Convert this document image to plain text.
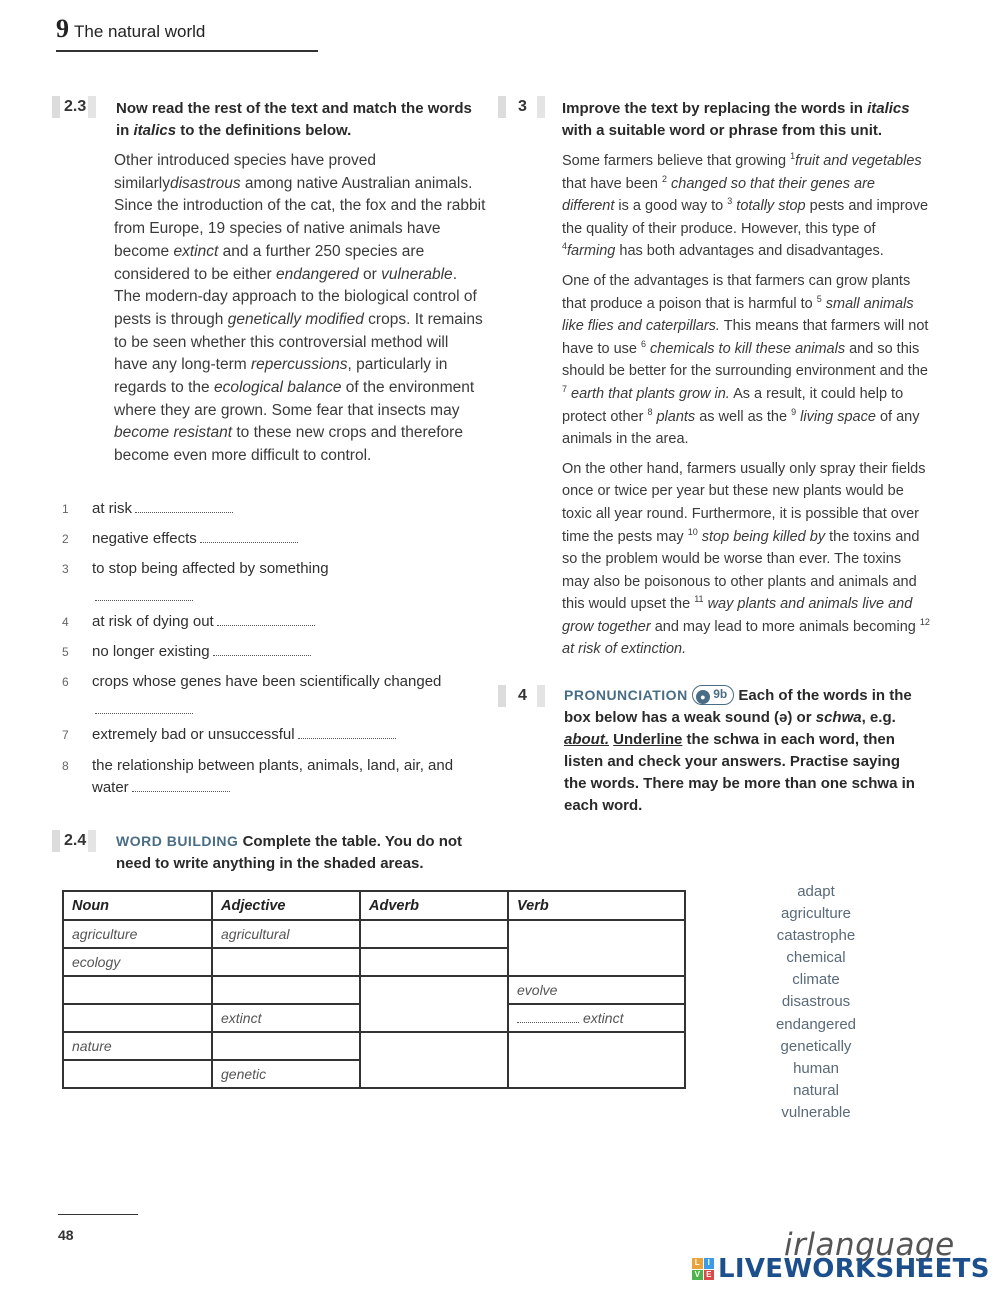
9 The natural world
2.3	Now read the rest of the text and match the words in italics to the definitions below.
Other introduced species have proved similarlydisastrous among native Australian animals. Since the introduction of the cat, the fox and the rabbit from Europe, 19 species of native animals have become extinct and a further 250 species are considered to be either endangered or vulnerable. The modern-day approach to the biological control of pests is through genetically modified crops. It remains to be seen whether this controversial method will have any long-term repercussions, particularly in regards to the ecological balance of the environment where they are grown. Some fear that insects may become resistant to these new crops and therefore become even more difficult to control.
1 at risk
2 negative effects
3 to stop being affected by something
4 at risk of dying out
5 no longer existing
6 crops whose genes have been scientifically changed
7 extremely bad or unsuccessful
8 the relationship between plants, animals, land, air, and
water
2.4	WORD BUILDING Complete the table. You do not need to write anything in the shaded areas.
Noun	Adjective	Adverb	Verb
agriculture	agricultural		
ecology			
			evolve
	extinct		extinct
nature			
	genetic		
3	Improve the text by replacing the words in italics with a suitable word or phrase from this unit.

Some farmers believe that growing $^1$fruit and vegetables that have been $^2$ changed so that their genes are different is a good way to $^3$ totally stop pests and improve the quality of their produce. However, this type of $^4$farming has both advantages and disadvantages.

One of the advantages is that farmers can grow plants that produce a poison that is harmful to $^5$ small animals like flies and caterpillars. This means that farmers will not have to use $^6$ chemicals to kill these animals and so this should be better for the surrounding environment and the $^7$ earth that plants grow in. As a result, it could help to protect other $^8$ plants as well as the $^9$ living space of any animals in the area.

On the other hand, farmers usually only spray their fields once or twice per year but these new plants would be toxic all year round. Furthermore, it is possible that over time the pests may $^{10}$ stop being killed by the toxins and so the problem would be worse than ever. The toxins may also be poisonous to other plants and animals and this would upset the $^{11}$ way plants and animals live and grow together and may lead to more animals becoming $^{12}$ at risk of extinction.

4	PRONUNCIATION ● 9b Each of the words in the box below has a weak sound (ə) or schwa, e.g. about. Underline the schwa in each word, then listen and check your answers. Practise saying the words. There may be more than one schwa in each word.
adapt
agriculture
catastrophe
chemical
climate
disastrous
endangered
genetically
human
natural
vulnerable
48	irlanguage
L I
V E LIVEWORKSHEETS
